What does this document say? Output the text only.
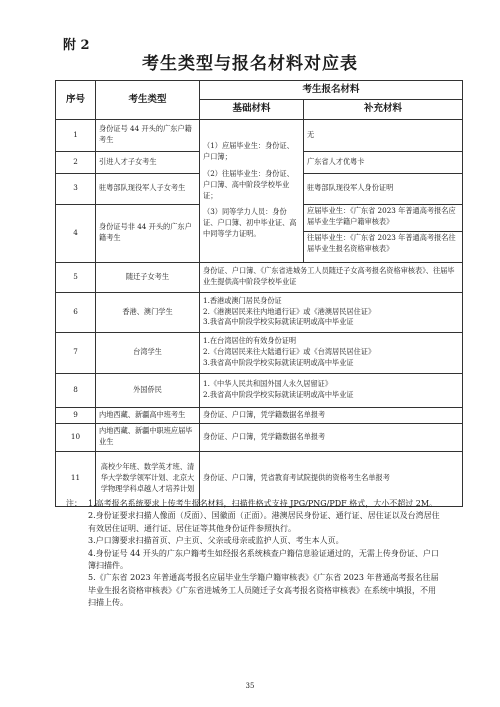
附 2
考生类型与报名材料对应表
序号	考生类型	考生报名材料	
		基础材料	补充材料
1	身份证号 44 开头的广东户籍考生	（1）应届毕业生：身份证、户口簿；
（2）往届毕业生：身份证、户口簿、高中阶段学校毕业证；
（3）同等学力人员：身份证、户口簿、初中毕业证、高中同等学力证明。	无
2	引进人才子女考生		广东省人才优粤卡
3	驻粤部队现役军人子女考生		驻粤部队现役军人身份证明
4	身份证号非 44 开头的广东户籍考生		应届毕业生：《广东省 2023 年普通高考报名应届毕业生学籍户籍审核表》
往届毕业生：《广东省 2023 年普通高考报名往届毕业生报名资格审核表》

5	随迁子女考生	身份证、户口簿、《广东省进城务工人员随迁子女高考报名资格审核表》、往届毕业生提供高中阶段学校毕业证	
6	香港、澳门学生	1.香港或澳门居民身份证
2.《港澳居民来往内地通行证》或《港澳居民居住证》
3.我省高中阶段学校实际就读证明或高中毕业证	

7	台湾学生	1.在台湾居住的有效身份证明
2.《台湾居民来往大陆通行证》或《台湾居民居住证》
3.我省高中阶段学校实际就读证明或高中毕业证	

8	外国侨民	1.《中华人民共和国外国人永久居留证》
2.我省高中阶段学校实际就读证明或高中毕业证	

9	内地西藏、新疆高中班考生	身份证、户口簿，凭学籍数据名单报考	
10	内地西藏、新疆中职班应届毕业生	身份证、户口簿，凭学籍数据名单报考	
11	高校少年班、数学英才班、清华大学数学领军计划、北京大学物理学科卓越人才培养计划	身份证、户口簿，凭省教育考试院提供的资格考生名单报考	
注： 1.高考报名系统要求上传考生报名材料，扫描件格式支持 JPG/PNG/PDF 格式，大小不超过 2M。
2.身份证要求扫描人像面（反面）、国徽面（正面）。港澳居民身份证、通行证、居住证以及台湾居住有效居住证明、通行证、居住证等其他身份证件参照执行。
3.户口簿要求扫描首页、户主页、父亲或母亲或监护人页、考生本人页。
4.身份证号 44 开头的广东户籍考生如经报名系统核查户籍信息验证通过的，无需上传身份证、户口簿扫描件。
5.《广东省 2023 年普通高考报名应届毕业生学籍户籍审核表》《广东省 2023 年普通高考报名往届毕业生报名资格审核表》《广东省进城务工人员随迁子女高考报名资格审核表》在系统中填报，不用扫描上传。
35
